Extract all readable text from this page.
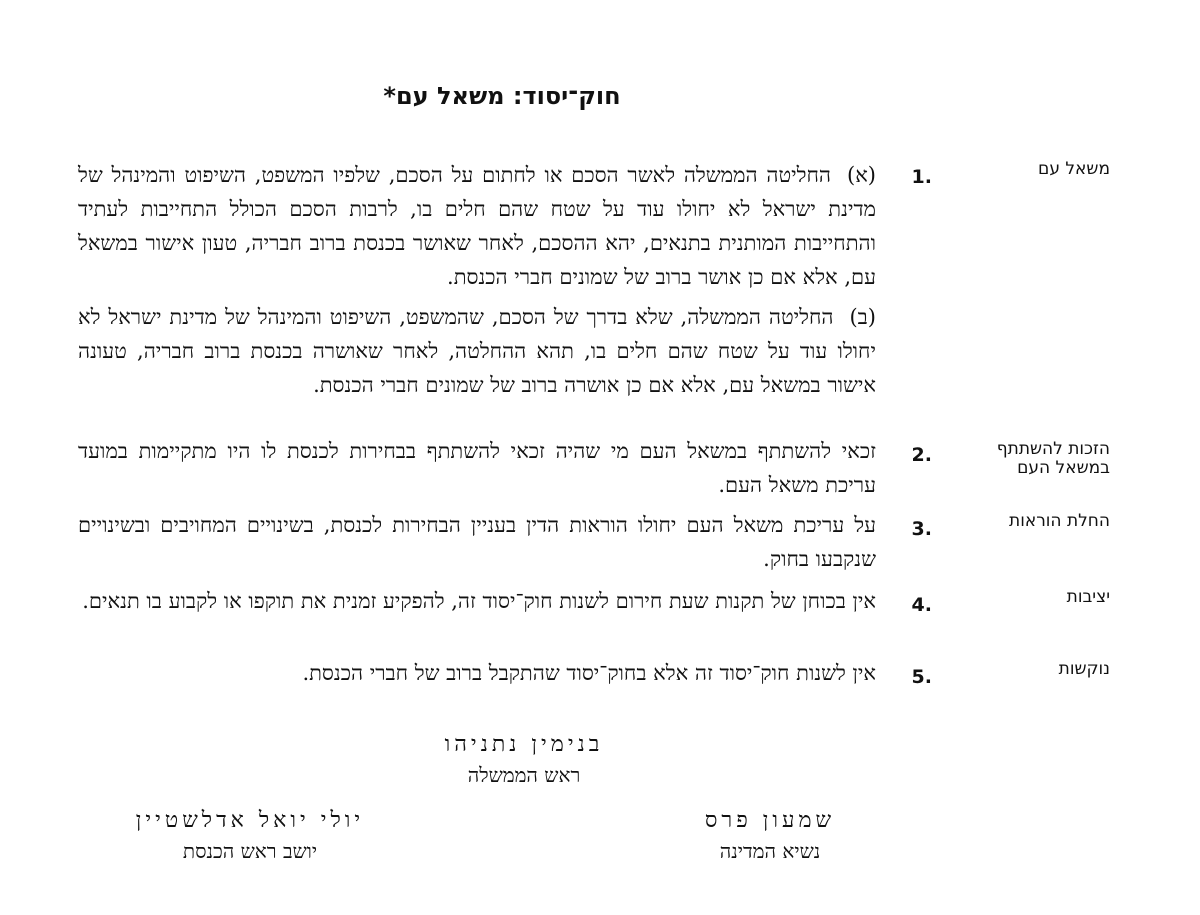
חוק־יסוד: משאל עם*
משאל עם
1.
(א)החליטה הממשלה לאשר הסכם או לחתום על הסכם, שלפיו המשפט, השיפוט והמינהל של מדינת ישראל לא יחולו עוד על שטח שהם חלים בו, לרבות הסכם הכולל התחייבות לעתיד והתחייבות המותנית בתנאים, יהא ההסכם, לאחר שאושר בכנסת ברוב חבריה, טעון אישור במשאל עם, אלא אם כן אושר ברוב של שמונים חברי הכנסת.
(ב)החליטה הממשלה, שלא בדרך של הסכם, שהמשפט, השיפוט והמינהל של מדינת ישראל לא יחולו עוד על שטח שהם חלים בו, תהא ההחלטה, לאחר שאושרה בכנסת ברוב חבריה, טעונה אישור במשאל עם, אלא אם כן אושרה ברוב של שמונים חברי הכנסת.
הזכות להשתתף במשאל העם
2.
זכאי להשתתף במשאל העם מי שהיה זכאי להשתתף בבחירות לכנסת לו היו מתקיימות במועד עריכת משאל העם.
החלת הוראות
3.
על עריכת משאל העם יחולו הוראות הדין בעניין הבחירות לכנסת, בשינויים המחויבים ובשינויים שנקבעו בחוק.
יציבות
4.
אין בכוחן של תקנות שעת חירום לשנות חוק־יסוד זה, להפקיע זמנית את תוקפו או לקבוע בו תנאים.
נוקשות
5.
אין לשנות חוק־יסוד זה אלא בחוק־יסוד שהתקבל ברוב של חברי הכנסת.
בנימין נתניהו
ראש הממשלה
שמעון פרס
נשיא המדינה
יולי יואל אדלשטיין
יושב ראש הכנסת
